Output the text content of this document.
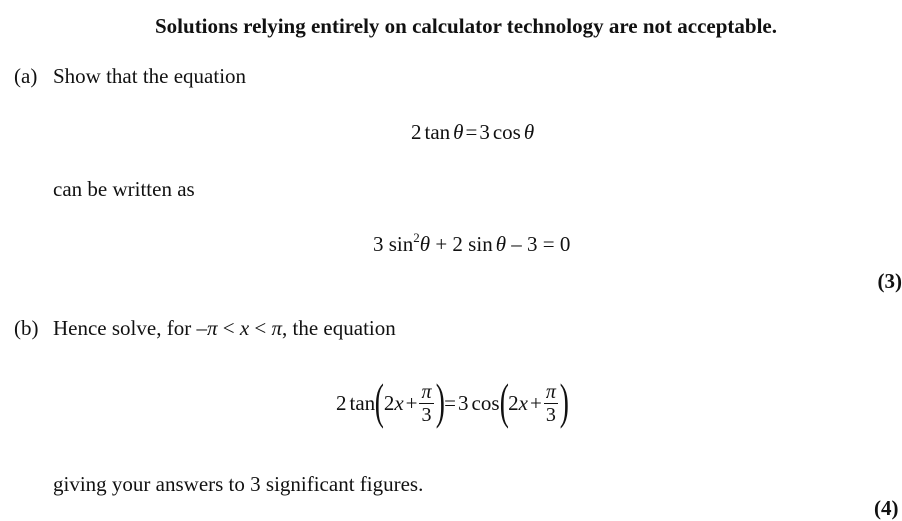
Solutions relying entirely on calculator technology are not acceptable.
(a) Show that the equation
2 tan θ=3 cos θ
can be written as
3 $\sin^2\theta + 2$ sin θ – 3 = 0
(3)
(b) Hence solve, for –π < x < π, the equation
2 tan ( 2 $x + \frac{\pi}{3}$ ) = 3 cos ( 2 $x + \frac{\pi}{3}$ )
giving your answers to 3 significant figures.
(4)
